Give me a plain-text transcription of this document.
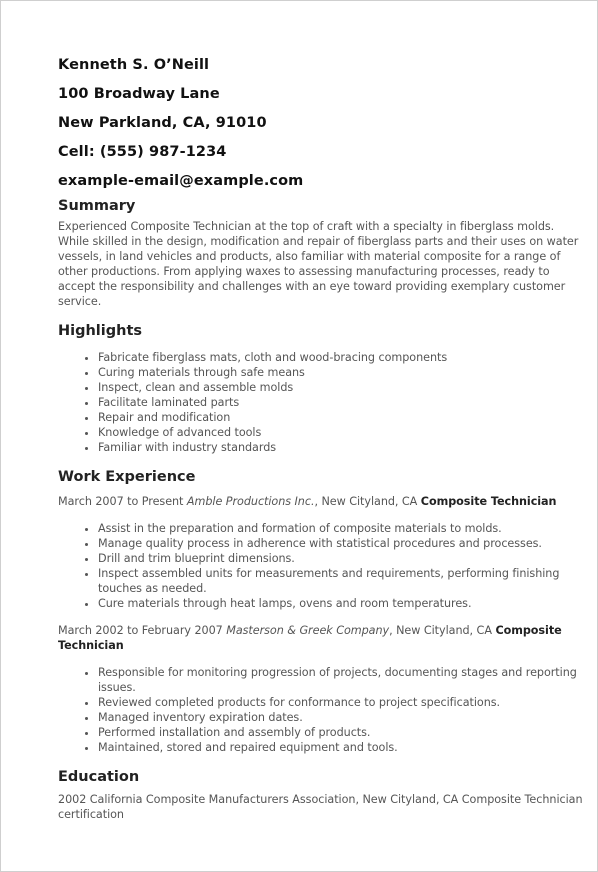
Kenneth S. O’Neill
100 Broadway Lane
New Parkland, CA, 91010
Cell: (555) 987-1234
example-email@example.com
Summary

Experienced Composite Technician at the top of craft with a specialty in fiberglass molds. While skilled in the design, modification and repair of fiberglass parts and their uses on water vessels, in land vehicles and products, also familiar with material composite for a range of other productions. From applying waxes to assessing manufacturing processes, ready to accept the responsibility and challenges with an eye toward providing exemplary customer service.

Highlights
• Fabricate fiberglass mats, cloth and wood-bracing components
• Curing materials through safe means
• Inspect, clean and assemble molds
• Facilitate laminated parts
• Repair and modification
• Knowledge of advanced tools
• Familiar with industry standards
Work Experience

March 2007 to Present Amble Productions Inc., New Cityland, CA Composite Technician

• Assist in the preparation and formation of composite materials to molds.
• Manage quality process in adherence with statistical procedures and processes.
• Drill and trim blueprint dimensions.
• Inspect assembled units for measurements and requirements, performing finishing touches as needed.
• Cure materials through heat lamps, ovens and room temperatures.

March 2002 to February 2007 Masterson & Greek Company, New Cityland, CA Composite Technician

• Responsible for monitoring progression of projects, documenting stages and reporting issues.
• Reviewed completed products for conformance to project specifications.
• Managed inventory expiration dates.
• Performed installation and assembly of products.
• Maintained, stored and repaired equipment and tools.
Education

2002 California Composite Manufacturers Association, New Cityland, CA Composite Technician certification
